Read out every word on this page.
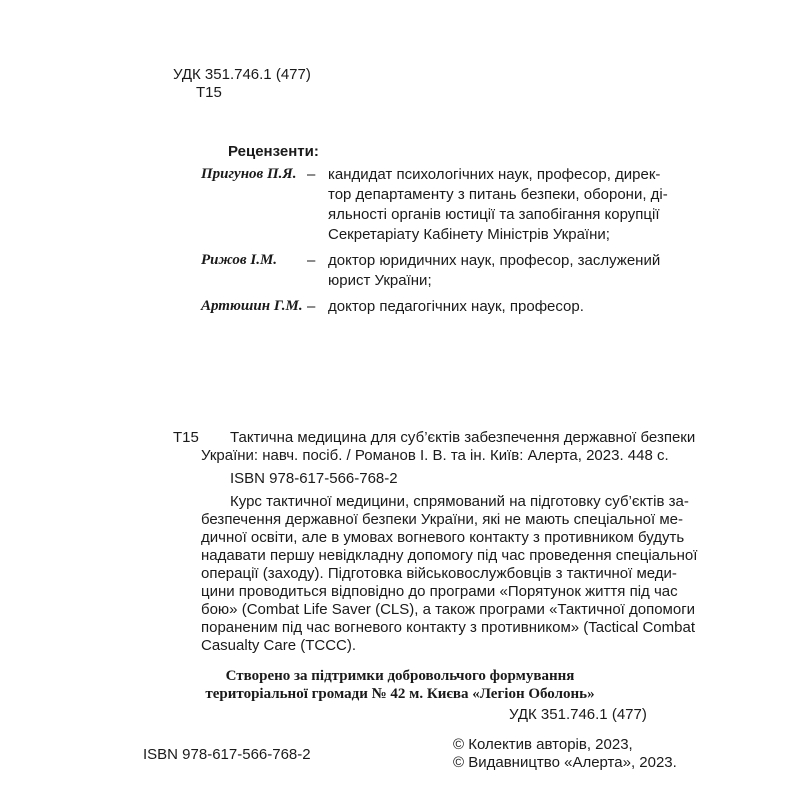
УДК 351.746.1 (477)
Т15
Рецензенти:
Пригунов П.Я. – кандидат психологічних наук, професор, дирек-
тор департаменту з питань безпеки, оборони, ді-
яльності органів юстиції та запобігання корупції
Секретаріату Кабінету Міністрів України;
Рижов І.М. – доктор юридичних наук, професор, заслужений
юрист України;
Артюшин Г.М. – доктор педагогічних наук, професор.
Т15 Тактична медицина для суб’єктів забезпечення державної безпеки
України: навч. посіб. / Романов І. В. та ін. Київ: Алерта, 2023. 448 с.
ISBN 978-617-566-768-2
Курс тактичної медицини, спрямований на підготовку суб’єктів за-
безпечення державної безпеки України, які не мають спеціальної ме-
дичної освіти, але в умовах вогневого контакту з противником будуть
надавати першу невідкладну допомогу під час проведення спеціальної
операції (заходу). Підготовка військовослужбовців з тактичної меди-
цини проводиться відповідно до програми «Порятунок життя під час
бою» (Combat Life Saver (CLS), а також програми «Тактичної допомоги
пораненим під час вогневого контакту з противником» (Tactical Combat
Casualty Care (TCCC).
Створено за підтримки добровольчого формування
територіальної громади № 42 м. Києва «Легіон Оболонь»
УДК 351.746.1 (477)
ISBN 978-617-566-768-2
© Колектив авторів, 2023,
© Видавництво «Алерта», 2023.
